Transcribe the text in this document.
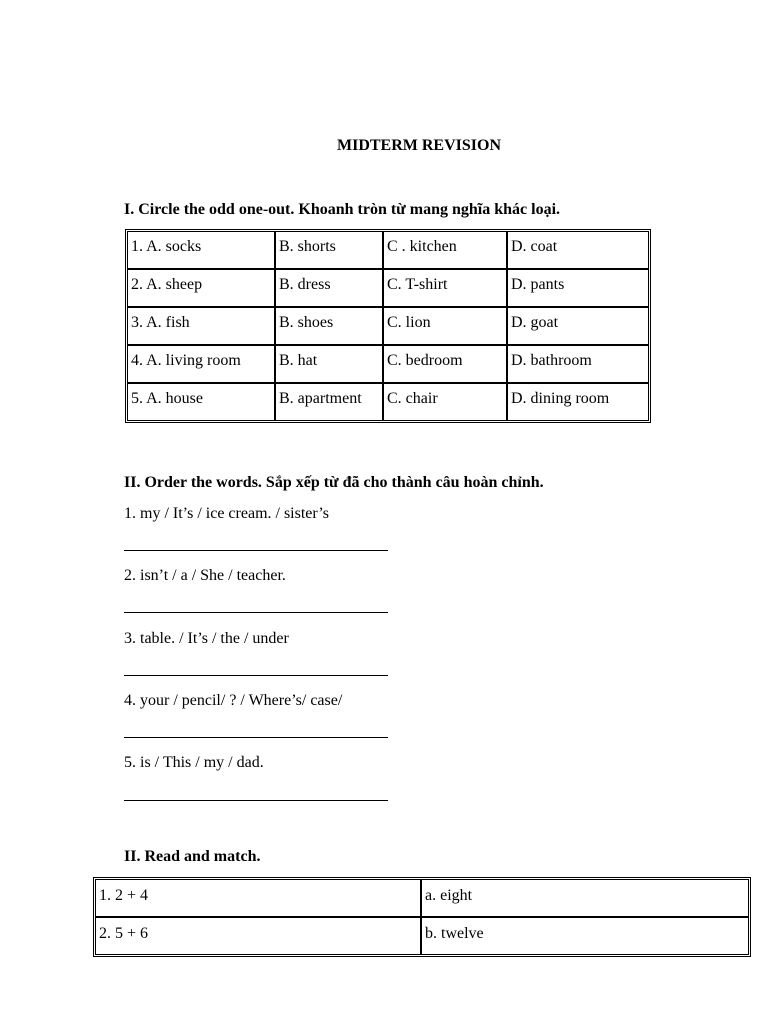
MIDTERM REVISION
I. Circle the odd one-out. Khoanh tròn từ mang nghĩa khác loại.
1. A. socks	B. shorts	C . kitchen	D. coat
2. A. sheep	B. dress	C. T-shirt	D. pants
3. A. fish	B. shoes	C. lion	D. goat
4. A. living room	B. hat	C. bedroom	D. bathroom
5. A. house	B. apartment	C. chair	D. dining room
II. Order the words. Sắp xếp từ đã cho thành câu hoàn chỉnh.
1. my / It’s / ice cream. / sister’s
2. isn’t / a / She / teacher.
3. table. / It’s / the / under
4. your / pencil/ ? / Where’s/ case/
5. is / This / my / dad.
II. Read and match.
1. 2 + 4	a. eight
2. 5 + 6	b. twelve
